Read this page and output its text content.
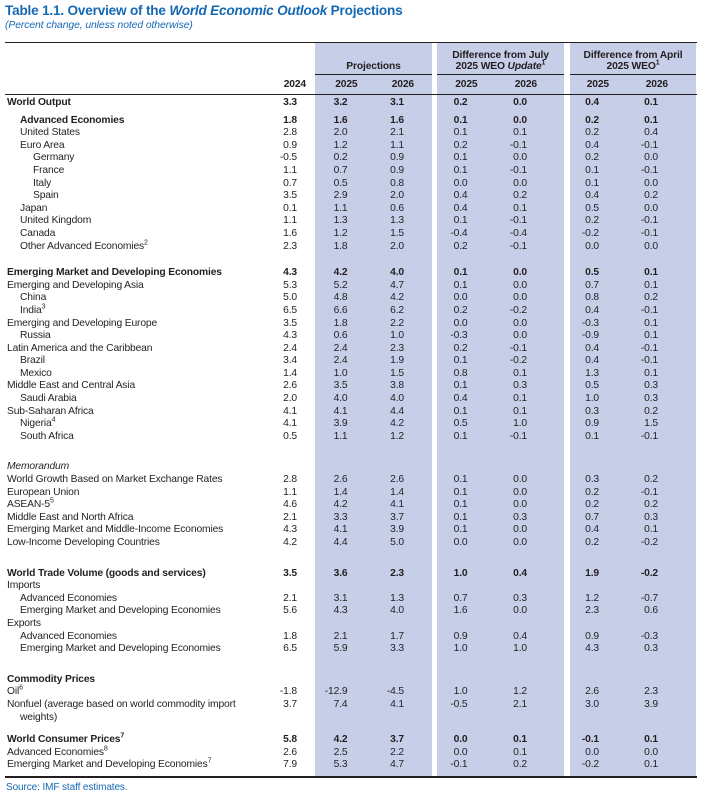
Table 1.1. Overview of the World Economic Outlook Projections
(Percent change, unless noted otherwise)
Projections
Difference from July
2025 WEO Update$^1$
Difference from April
2025 WEO$^1$
2024	2025	2026	2025	2026	2025	2026
World Output	3.3	3.2	3.1	0.2	0.0	0.4	0.1
Advanced Economies	1.8	1.6	1.6	0.1	0.0	0.2	0.1
United States	2.8	2.0	2.1	0.1	0.1	0.2	0.4
Euro Area	0.9	1.2	1.1	0.2	-0.1	0.4	-0.1
Germany	-0.5	0.2	0.9	0.1	0.0	0.2	0.0
France	1.1	0.7	0.9	0.1	-0.1	0.1	-0.1
Italy	0.7	0.5	0.8	0.0	0.0	0.1	0.0
Spain	3.5	2.9	2.0	0.4	0.2	0.4	0.2
Japan	0.1	1.1	0.6	0.4	0.1	0.5	0.0
United Kingdom	1.1	1.3	1.3	0.1	-0.1	0.2	-0.1
Canada	1.6	1.2	1.5	-0.4	-0.4	-0.2	-0.1
Other Advanced Economies$^2$	2.3	1.8	2.0	0.2	-0.1	0.0	0.0
Emerging Market and Developing Economies	4.3	4.2	4.0	0.1	0.0	0.5	0.1
Emerging and Developing Asia	5.3	5.2	4.7	0.1	0.0	0.7	0.1
China	5.0	4.8	4.2	0.0	0.0	0.8	0.2
India$^3$	6.5	6.6	6.2	0.2	-0.2	0.4	-0.1
Emerging and Developing Europe	3.5	1.8	2.2	0.0	0.0	-0.3	0.1
Russia	4.3	0.6	1.0	-0.3	0.0	-0.9	0.1
Latin America and the Caribbean	2.4	2.4	2.3	0.2	-0.1	0.4	-0.1
Brazil	3.4	2.4	1.9	0.1	-0.2	0.4	-0.1
Mexico	1.4	1.0	1.5	0.8	0.1	1.3	0.1
Middle East and Central Asia	2.6	3.5	3.8	0.1	0.3	0.5	0.3
Saudi Arabia	2.0	4.0	4.0	0.4	0.1	1.0	0.3
Sub-Saharan Africa	4.1	4.1	4.4	0.1	0.1	0.3	0.2
Nigeria$^4$	4.1	3.9	4.2	0.5	1.0	0.9	1.5
South Africa	0.5	1.1	1.2	0.1	-0.1	0.1	-0.1
Memorandum
World Growth Based on Market Exchange Rates	2.8	2.6	2.6	0.1	0.0	0.3	0.2
European Union	1.1	1.4	1.4	0.1	0.0	0.2	-0.1
ASEAN-$5^5$	4.6	4.2	4.1	0.1	0.0	0.2	0.2
Middle East and North Africa	2.1	3.3	3.7	0.1	0.3	0.7	0.3
Emerging Market and Middle-Income Economies	4.3	4.1	3.9	0.1	0.0	0.4	0.1
Low-Income Developing Countries	4.2	4.4	5.0	0.0	0.0	0.2	-0.2
World Trade Volume (goods and services)	3.5	3.6	2.3	1.0	0.4	1.9	-0.2
Imports
Advanced Economies	2.1	3.1	1.3	0.7	0.3	1.2	-0.7
Emerging Market and Developing Economies	5.6	4.3	4.0	1.6	0.0	2.3	0.6
Exports
Advanced Economies	1.8	2.1	1.7	0.9	0.4	0.9	-0.3
Emerging Market and Developing Economies	6.5	5.9	3.3	1.0	1.0	4.3	0.3
Commodity Prices
Oil$^6$	-1.8	-12.9	-4.5	1.0	1.2	2.6	2.3
Nonfuel (average based on world commodity import
weights)
3.7	7.4	4.1	-0.5	2.1	3.0	3.9
World Consumer Prices$^7$	5.8	4.2	3.7	0.0	0.1	-0.1	0.1
Advanced Economies$^8$	2.6	2.5	2.2	0.0	0.1	0.0	0.0
Emerging Market and Developing Economies$^7$	7.9	5.3	4.7	-0.1	0.2	-0.2	0.1
Source: IMF staff estimates.
